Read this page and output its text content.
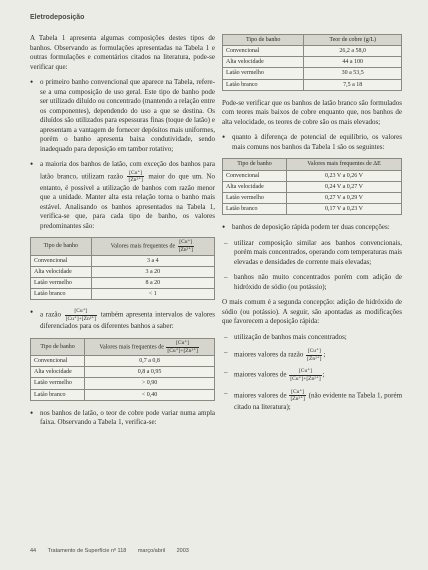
Eletrodeposição

A Tabela 1 apresenta algumas composições destes tipos de banhos. Observando as formulações apresentadas na Tabela 1 e outras formulações e comentários citados na literatura, pode-se verificar que:

• o primeiro banho convencional que aparece na Tabela, refere-se a uma composição de uso geral. Este tipo de banho pode ser utilizado diluído ou concentrado (mantendo a relação entre os componentes), dependendo do uso a que se destina. Os diluídos são utilizados para espessuras finas (toque de latão) e apresentam a vantagem de fornecer depósitos mais uniformes, porém o banho apresenta baixa condutividade, sendo inadequado para deposição em tambor rotativo;
• a maioria dos banhos de latão, com exceção dos banhos para latão branco, utilizam razão $\frac{[Cu^+]}{\text{[Zn²⁺]}}$ maior do que um. No entanto, é possível a utilização de banhos com razão menor que a unidade. Manter alta esta relação torna o banho mais estável. Analisando os banhos apresentados na Tabela 1, verifica-se que, para cada tipo de banho, os valores predominantes são:
Tipo de banho	Valores mais frequentes de $\frac{[Cu^+]}{\text{[Zn²⁺]}}$

Convencional	3 a 4
Alta velocidade	3 a 20
Latão vermelho	8 a 20
Latão branco	< 1
• a razão $\frac{[Cu^+]}{\text{[Cu⁺]+[Zn²⁺]}}$ também apresenta intervalos de valores diferenciados para os diferentes banhos a saber:
Tipo de banho	Valores mais frequentes de $\frac{[Cu^+]}{\text{[Cu⁺]+[Zn²⁺]}}$

Convencional	0,7 a 0,8
Alta velocidade	0,8 a 0,95
Latão vermelho	> 0,90
Latão branco	< 0,40
• nos banhos de latão, o teor de cobre pode variar numa ampla faixa. Observando a Tabela 1, verifica-se:
Tipo de banho	Teor de cobre (g/L)
Convencional	26,2 a 58,0
Alta velocidade	44 a 100
Latão vermelho	30 a 53,5
Latão branco	7,5 a 18

Pode-se verificar que os banhos de latão branco são formulados com teores mais baixos de cobre enquanto que, nos banhos de alta velocidade, os teores de cobre são os mais elevados;

• quanto à diferença de potencial de equilíbrio, os valores mais comuns nos banhos da Tabela 1 são os seguintes:
Tipo de banho	Valores mais frequentes de ΔE
Convencional	0,23 V a 0,26 V
Alta velocidade	0,24 V a 0,27 V
Latão vermelho	0,27 V a 0,29 V
Latão branco	0,17 V a 0,23 V
• banhos de deposição rápida podem ter duas concepções:
– utilizar composição similar aos banhos convencionais, porém mais concentrados, operando com temperaturas mais elevadas e densidades de corrente mais elevadas;
– banhos não muito concentrados porém com adição de hidróxido de sódio (ou potássio);

O mais comum é a segunda concepção: adição de hidróxido de sódio (ou potássio). A seguir, são apontadas as modificações que favorecem a deposição rápida:

– utilização de banhos mais concentrados;
– maiores valores da razão $\frac{[Cu^+]}{\text{[Zn²⁺]}}$ ;
– maiores valores de $\frac{[Cu^+]}{\text{[Cu⁺]+[Zn²⁺]}}$ ;
– maiores valores de $\frac{[Cu^+]}{\text{[Zn²⁺]}}$ (não evidente na Tabela 1, porém citado na literatura);
44 Tratamento de Superfície nº 118 março/abril 2003
